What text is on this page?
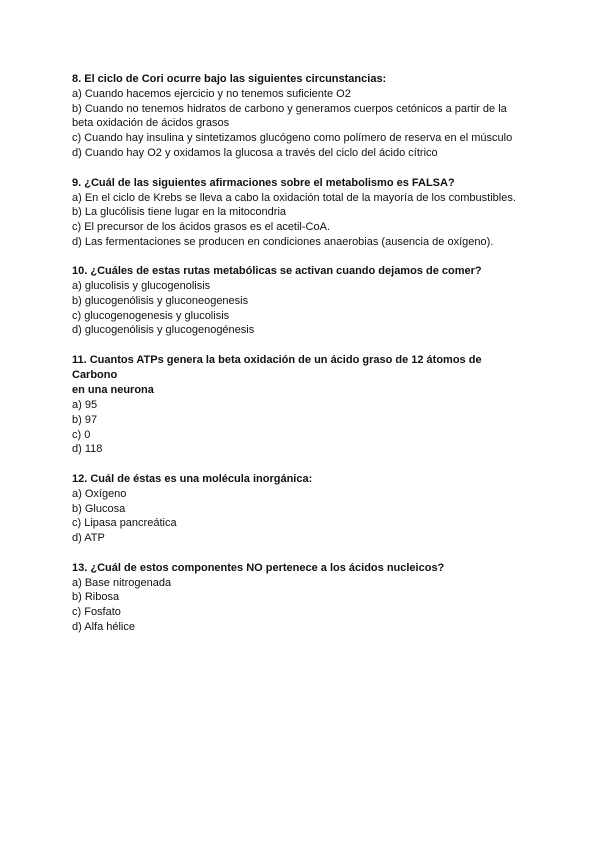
8. El ciclo de Cori ocurre bajo las siguientes circunstancias:

a) Cuando hacemos ejercicio y no tenemos suficiente O2
b) Cuando no tenemos hidratos de carbono y generamos cuerpos cetónicos a partir de la
beta oxidación de ácidos grasos
c) Cuando hay insulina y sintetizamos glucógeno como polímero de reserva en el músculo
d) Cuando hay O2 y oxidamos la glucosa a través del ciclo del ácido cítrico

9. ¿Cuál de las siguientes afirmaciones sobre el metabolismo es FALSA?

a) En el ciclo de Krebs se lleva a cabo la oxidación total de la mayoría de los combustibles.
b) La glucólisis tiene lugar en la mitocondria
c) El precursor de los ácidos grasos es el acetil-CoA.
d) Las fermentaciones se producen en condiciones anaerobias (ausencia de oxígeno).

10. ¿Cuáles de estas rutas metabólicas se activan cuando dejamos de comer?

a) glucolisis y glucogenolisis
b) glucogenólisis y gluconeogenesis
c) glucogenogenesis y glucolisis
d) glucogenólisis y glucogenogénesis

11. Cuantos ATPs genera la beta oxidación de un ácido graso de 12 átomos de
Carbono
en una neurona

a) 95
b) 97
c) 0
d) 118

12. Cuál de éstas es una molécula inorgánica:

a) Oxígeno
b) Glucosa
c) Lipasa pancreática
d) ATP

13. ¿Cuál de estos componentes NO pertenece a los ácidos nucleicos?

a) Base nitrogenada
b) Ribosa
c) Fosfato
d) Alfa hélice
